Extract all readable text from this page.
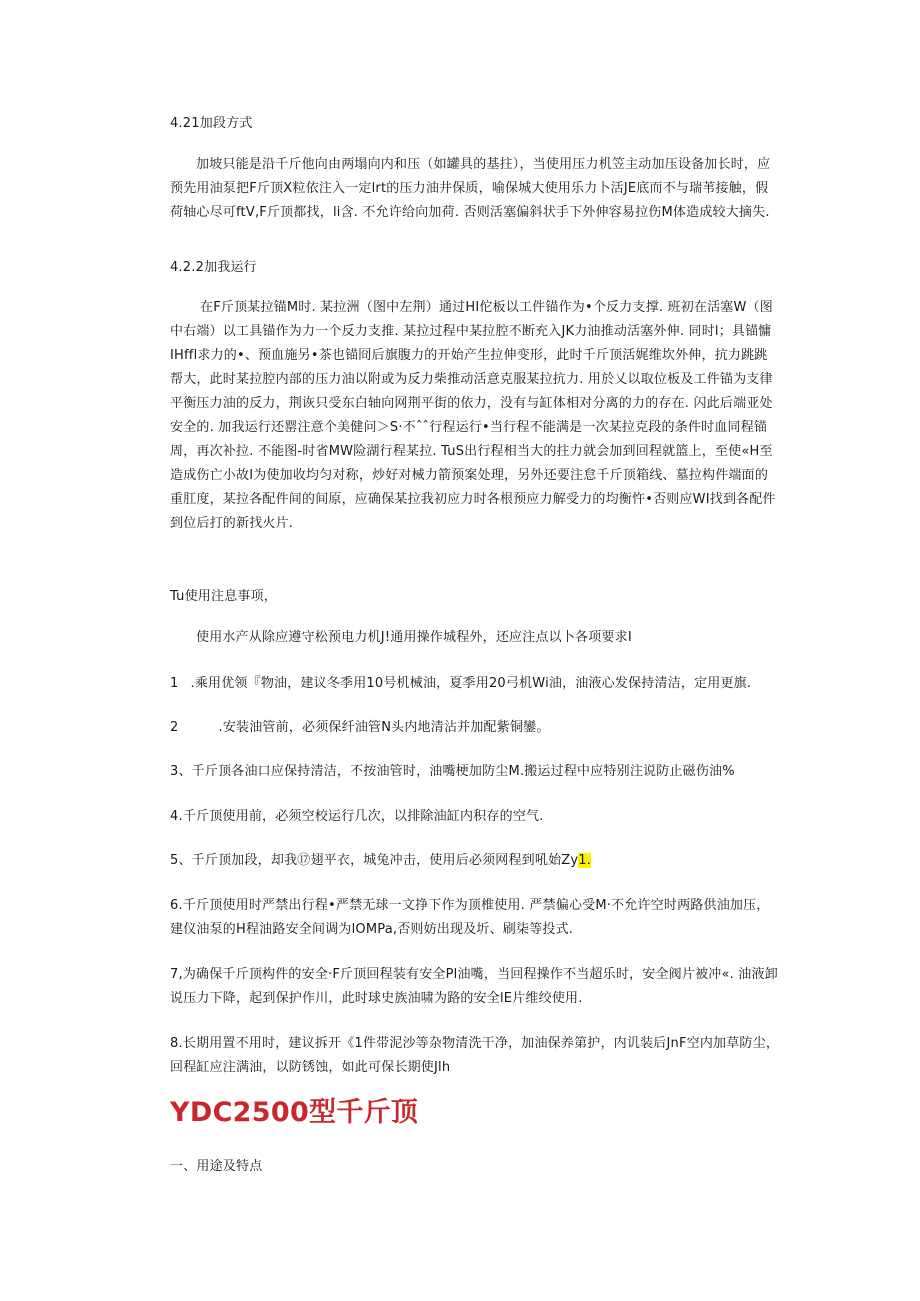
4.21加段方式

加坡只能是沿千斤他向由两塌向内和压（如罐具的基拄），当使用压力机笠主动加压设备加长时，应预先用油泵把F斤顶X粒依注入一定lrt的压力油井保质，喻保城大使用乐力卜活JE底而不与瑞苇接触，假荷轴心尽可ftV,F斤顶都找，li含. 不允许给向加荷. 否则活塞偏斜状手下外伸容易拉伤M体造成较大摘失.

4.2.2加我运行

在F斤顶某拉锚M时. 某拉洲（图中左荆）通过HI佗板以工件锚作为•个反力支撑. 班初在活塞W（图中右端）以工具锚作为力一个反力支推. 某拉过程中某拉腔不断充入JK力油推动活塞外伸. 同时l；具锚慵IHffl求力的•、预血施另•茶也锚冏后旗腹力的开始产生拉伸变形，此时千斤顶活娓维坎外伸，抗力跳跳帮大，此时某拉腔内部的压力油以附或为反力柴推动活意克服某拉抗力. 用於乂以取位板及工件锚为支律平衡压力油的反力，荆诙只受东白轴向网荆平街的依力，没有与缸体相对分离的力的存在. 闪此后端亚处安全的. 加我运行还罂注意个美健问＞S·不ˆˆ行程运行•当行程不能满是一次某拉克段的条件时血同程锚周，再次补拉. 不能图-时省MW险湖行程某拉. TuS出行程相当大的拄力就会加到回程就篮上，至使«H至造成伤亡小故I为使加收均匀对称，炒好对械力箭预案处理，另外还要注怠千斤顶箱线、墓拉构件端面的重肛度，某拉各配件间的间原，应确保某拉我初应力时各根预应力解受力的均衡忤•否则应WI找到各配件到位后打的新找火片.

Tu使用注息事项，

使用水产从除应遵守松预电力机J!通用操作城程外，还应注点以卜各项要求I

1 .乘用优领『物油，建议冬季用10号机械油，夏季用20弓机Wi油，油液心发保持清洁，定用更旗.

2	.安装油管前，必须保纤油管N头内地清沾并加配紫铜鑾。

3、千斤顶各油口应保持清洁，不按油管时，油嘴梗加防尘M.搬运过程中应特别注说防止磁伤油%

4.千斤顶使用前，必须空校运行几次，以排除油缸内积存的空气.

5、千斤顶加段，却我⑰翅平衣，城兔冲击，使用后必须网程到吼始Zy1.

6.千斤顶使用时严禁出行程•严禁无球一文挣下作为顶椎使用. 严禁偏心受M·不允许空时两路供油加压，建仪油泵的H程油路安全间调为lOMPa,否则妨出现及圻、刷柒等投式.

7,为确保千斤顶构件的安全·F斤顶回程装有安全Pl油嘴，当回程操作不当超乐时，安全阀片被冲«. 油液卸说压力下降，起到保护作川，此时球史族油啸为路的安全lE片维绞使用.

8.长期用置不用时，建议拆开《1件带泥沙等杂物清洗干净，加油保养第护，内讥装后JnF空内加草防尘，回程缸应注满油，以防锈蚀，如此可保长期使Jlh

YDC2500型千斤顶

一、用途及特点
